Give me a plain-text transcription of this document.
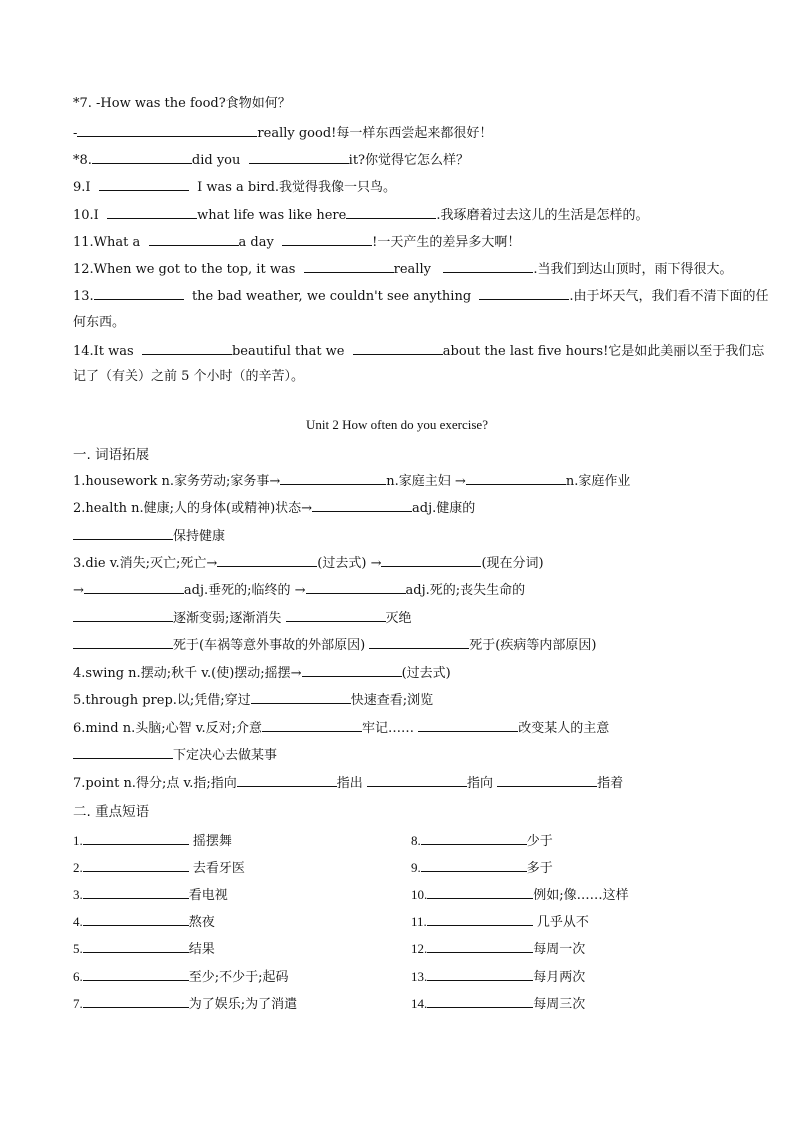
*7. -How was the food?食物如何？
-	really good!每一样东西尝起来都很好！
*8.	did you	it?你觉得它怎么样？
9.I	I was a bird.我觉得我像一只鸟。
10.I	what life was like here	.我琢磨着过去这儿的生活是怎样的。
11.What a	a day	!一天产生的差异多大啊！
12.When we got to the top, it was	really	.当我们到达山顶时，雨下得很大。
13.	the bad weather, we couldn't see anything	.由于坏天气，我们看不清下面的任
何东西。
14.It was	beautiful that we	about the last five hours!它是如此美丽以至于我们忘
记了（有关）之前 5 个小时（的辛苦）。
Unit 2 How often do you exercise?
一. 词语拓展
1.housework n.家务劳动;家务事→	n.家庭主妇 →	n.家庭作业
2.health n.健康;人的身体(或精神)状态→	adj.健康的
保持健康
3.die v.消失;灭亡;死亡→	(过去式) →	(现在分词)
→	adj.垂死的;临终的 →	adj.死的;丧失生命的
逐渐变弱;逐渐消失	灭绝
死于(车祸等意外事故的外部原因)	死于(疾病等内部原因)
4.swing n.摆动;秋千 v.(使)摆动;摇摆→	(过去式)
5.through prep.以;凭借;穿过	快速查看;浏览
6.mind n.头脑;心智 v.反对;介意	牢记……	改变某人的主意
下定决心去做某事
7.point n.得分;点 v.指;指向	指出	指向	指着
二. 重点短语
1.	摇摆舞
2.	去看牙医
3.	看电视
4.	熬夜
5.	结果
6.	至少;不少于;起码
7.	为了娱乐;为了消遣
8.	少于
9.	多于
10.	例如;像……这样
11.	几乎从不
12.	每周一次
13.	每月两次
14.	每周三次
